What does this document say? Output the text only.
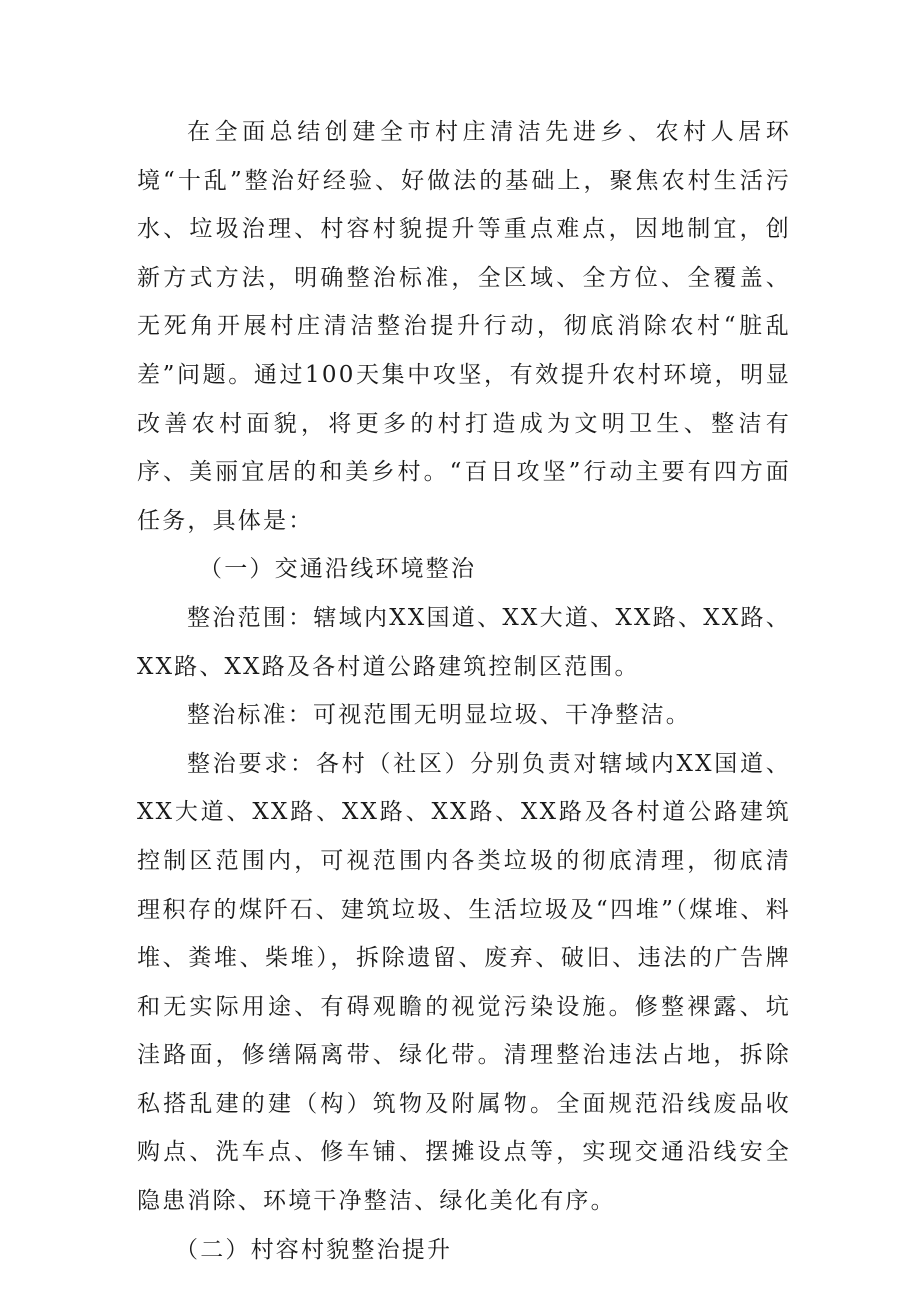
在全面总结创建全市村庄清洁先进乡、农村人居环境“十乱”整治好经验、好做法的基础上，聚焦农村生活污水、垃圾治理、村容村貌提升等重点难点，因地制宜，创新方式方法，明确整治标准，全区域、全方位、全覆盖、无死角开展村庄清洁整治提升行动，彻底消除农村“脏乱差”问题。通过100天集中攻坚，有效提升农村环境，明显改善农村面貌，将更多的村打造成为文明卫生、整洁有序、美丽宜居的和美乡村。“百日攻坚”行动主要有四方面任务，具体是：

（一）交通沿线环境整治

整治范围：辖域内XX国道、XX大道、XX路、XX路、XX路、XX路及各村道公路建筑控制区范围。

整治标准：可视范围无明显垃圾、干净整洁。

整治要求：各村（社区）分别负责对辖域内XX国道、XX大道、XX路、XX路、XX路、XX路及各村道公路建筑控制区范围内，可视范围内各类垃圾的彻底清理，彻底清理积存的煤阡石、建筑垃圾、生活垃圾及“四堆”（煤堆、料堆、粪堆、柴堆），拆除遗留、废弃、破旧、违法的广告牌和无实际用途、有碍观瞻的视觉污染设施。修整裸露、坑洼路面，修缮隔离带、绿化带。清理整治违法占地，拆除私搭乱建的建（构）筑物及附属物。全面规范沿线废品收购点、洗车点、修车铺、摆摊设点等，实现交通沿线安全隐患消除、环境干净整洁、绿化美化有序。

（二）村容村貌整治提升
